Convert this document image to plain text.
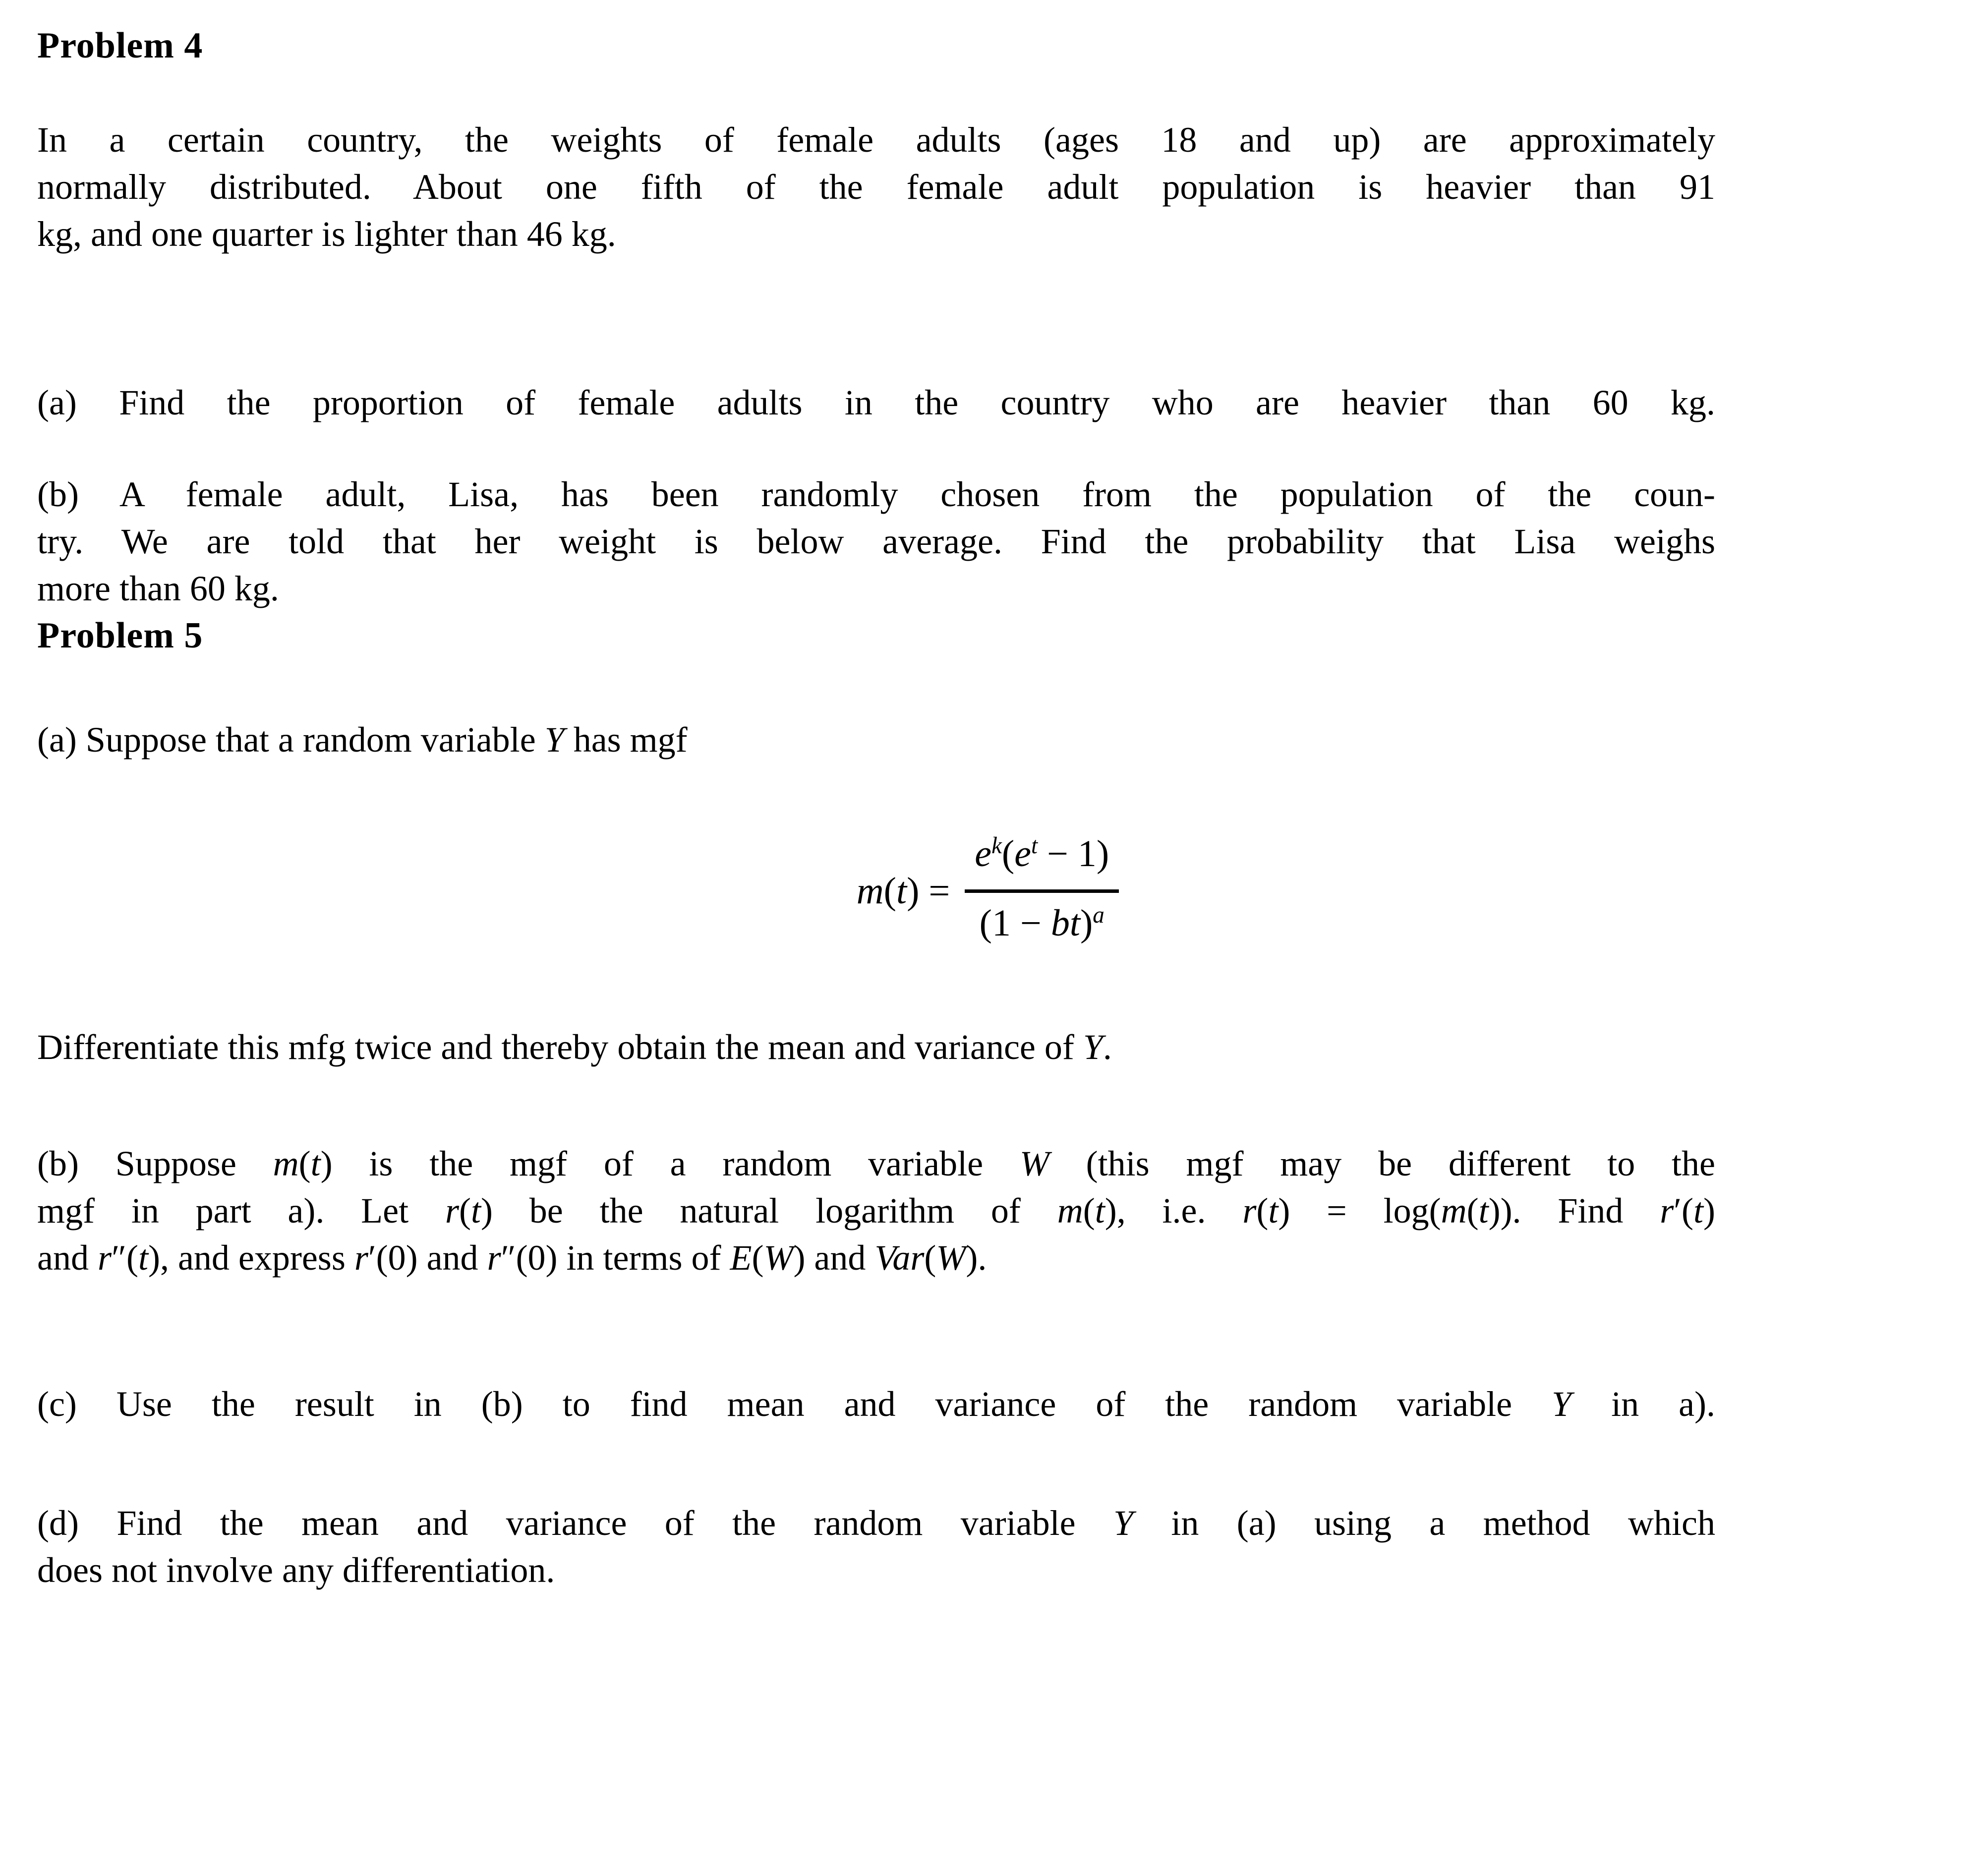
Problem 4
In a certain country, the weights of female adults (ages 18 and up) are approximately
normally distributed. About one fifth of the female adult population is heavier than 91
kg, and one quarter is lighter than 46 kg.
(a) Find the proportion of female adults in the country who are heavier than 60 kg.
(b) A female adult, Lisa, has been randomly chosen from the population of the coun-
try. We are told that her weight is below average. Find the probability that Lisa weighs
more than 60 kg.
Problem 5
(a) Suppose that a random variable Y has mgf
m(t) =
$e^k(e^t - 1)$
(1 − bt)$^a$
Differentiate this mfg twice and thereby obtain the mean and variance of Y.
(b) Suppose m(t) is the mgf of a random variable W (this mgf may be different to the
mgf in part a). Let r(t) be the natural logarithm of m(t), i.e. r(t) = log(m(t)). Find r′(t)
and r″(t), and express r′(0) and r″(0) in terms of E(W) and Var(W).
(c) Use the result in (b) to find mean and variance of the random variable Y in a).
(d) Find the mean and variance of the random variable Y in (a) using a method which
does not involve any differentiation.
